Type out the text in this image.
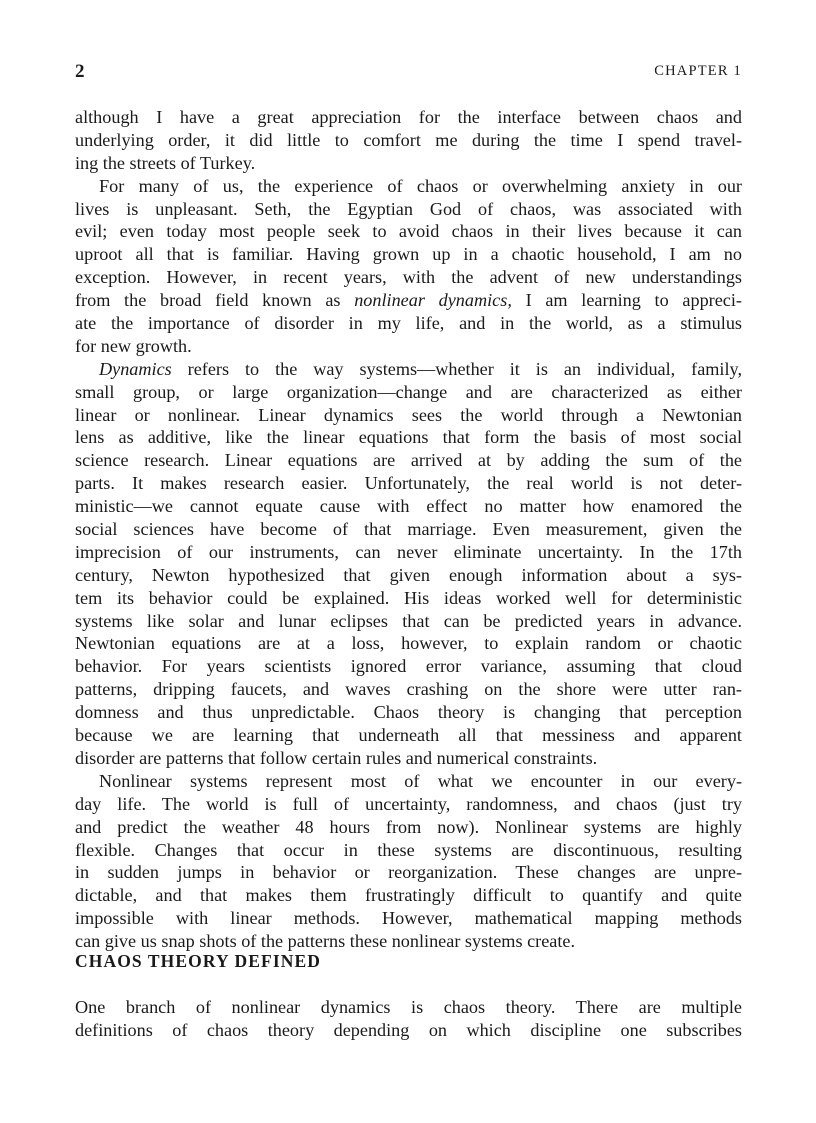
2	CHAPTER 1
although I have a great appreciation for the interface between chaos and
underlying order, it did little to comfort me during the time I spend travel-
ing the streets of Turkey.
For many of us, the experience of chaos or overwhelming anxiety in our
lives is unpleasant. Seth, the Egyptian God of chaos, was associated with
evil; even today most people seek to avoid chaos in their lives because it can
uproot all that is familiar. Having grown up in a chaotic household, I am no
exception. However, in recent years, with the advent of new understandings
from the broad field known as nonlinear dynamics, I am learning to appreci-
ate the importance of disorder in my life, and in the world, as a stimulus
for new growth.
Dynamics refers to the way systems—whether it is an individual, family,
small group, or large organization—change and are characterized as either
linear or nonlinear. Linear dynamics sees the world through a Newtonian
lens as additive, like the linear equations that form the basis of most social
science research. Linear equations are arrived at by adding the sum of the
parts. It makes research easier. Unfortunately, the real world is not deter-
ministic—we cannot equate cause with effect no matter how enamored the
social sciences have become of that marriage. Even measurement, given the
imprecision of our instruments, can never eliminate uncertainty. In the 17th
century, Newton hypothesized that given enough information about a sys-
tem its behavior could be explained. His ideas worked well for deterministic
systems like solar and lunar eclipses that can be predicted years in advance.
Newtonian equations are at a loss, however, to explain random or chaotic
behavior. For years scientists ignored error variance, assuming that cloud
patterns, dripping faucets, and waves crashing on the shore were utter ran-
domness and thus unpredictable. Chaos theory is changing that perception
because we are learning that underneath all that messiness and apparent
disorder are patterns that follow certain rules and numerical constraints.
Nonlinear systems represent most of what we encounter in our every-
day life. The world is full of uncertainty, randomness, and chaos (just try
and predict the weather 48 hours from now). Nonlinear systems are highly
flexible. Changes that occur in these systems are discontinuous, resulting
in sudden jumps in behavior or reorganization. These changes are unpre-
dictable, and that makes them frustratingly difficult to quantify and quite
impossible with linear methods. However, mathematical mapping methods
can give us snap shots of the patterns these nonlinear systems create.
CHAOS THEORY DEFINED
One branch of nonlinear dynamics is chaos theory. There are multiple
definitions of chaos theory depending on which discipline one subscribes
